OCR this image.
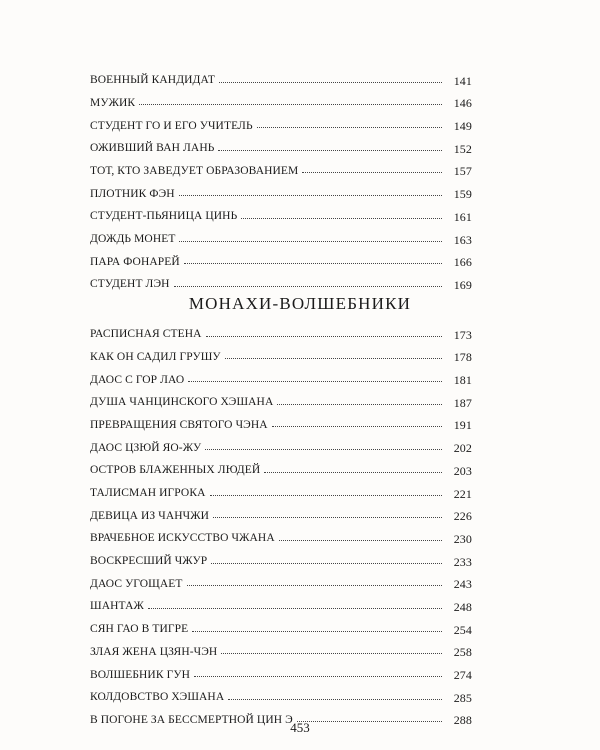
ВОЕННЫЙ КАНДИДАТ	141
МУЖИК	146
СТУДЕНТ ГО И ЕГО УЧИТЕЛЬ	149
ОЖИВШИЙ ВАН ЛАНЬ	152
ТОТ, КТО ЗАВЕДУЕТ ОБРАЗОВАНИЕМ	157
ПЛОТНИК ФЭН	159
СТУДЕНТ-ПЬЯНИЦА ЦИНЬ	161
ДОЖДЬ МОНЕТ	163
ПАРА ФОНАРЕЙ	166
СТУДЕНТ ЛЭН	169
МОНАХИ-ВОЛШЕБНИКИ
РАСПИСНАЯ СТЕНА	173
КАК ОН САДИЛ ГРУШУ	178
ДАОС С ГОР ЛАО	181
ДУША ЧАНЦИНСКОГО ХЭШАНА	187
ПРЕВРАЩЕНИЯ СВЯТОГО ЧЭНА	191
ДАОС ЦЗЮЙ ЯО-ЖУ	202
ОСТРОВ БЛАЖЕННЫХ ЛЮДЕЙ	203
ТАЛИСМАН ИГРОКА	221
ДЕВИЦА ИЗ ЧАНЧЖИ	226
ВРАЧЕБНОЕ ИСКУССТВО ЧЖАНА	230
ВОСКРЕСШИЙ ЧЖУР	233
ДАОС УГОЩАЕТ	243
ШАНТАЖ	248
СЯН ГАО В ТИГРЕ	254
ЗЛАЯ ЖЕНА ЦЗЯН-ЧЭН	258
ВОЛШЕБНИК ГУН	274
КОЛДОВСТВО ХЭШАНА	285
В ПОГОНЕ ЗА БЕССМЕРТНОЙ ЦИН Э	288
453
